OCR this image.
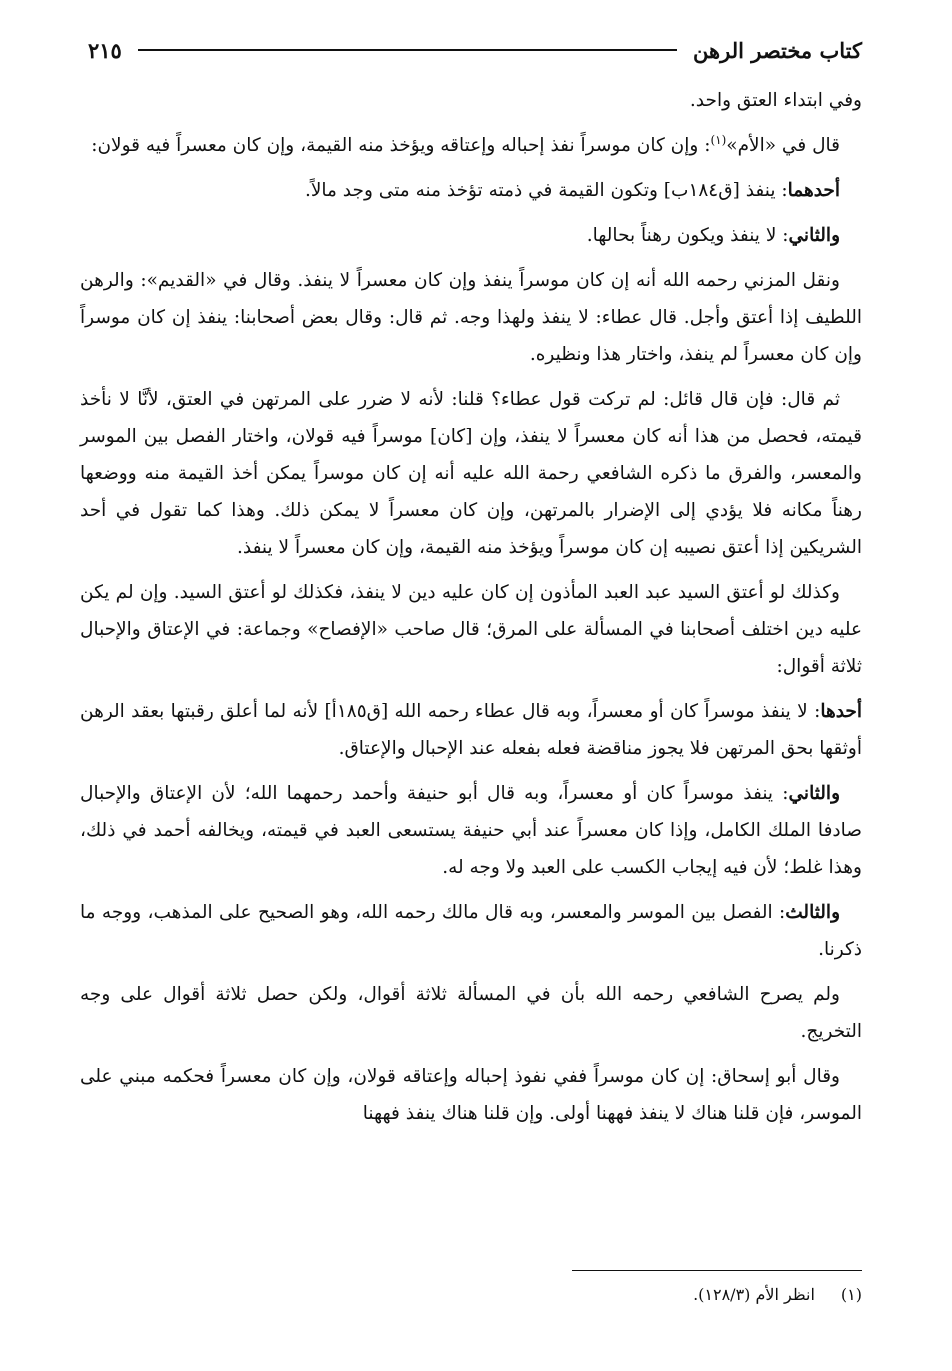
كتاب مختصر الرهن
٢١٥

وفي ابتداء العتق واحد.

قال في «الأم»$^{(١)}$: وإن كان موسراً نفذ إحباله وإعتاقه ويؤخذ منه القيمة، وإن كان معسراً فيه قولان:

أحدهما: ينفذ [ق١٨٤ب] وتكون القيمة في ذمته تؤخذ منه متى وجد مالاً.

والثاني: لا ينفذ ويكون رهناً بحالها.

ونقل المزني رحمه الله أنه إن كان موسراً ينفذ وإن كان معسراً لا ينفذ. وقال في «القديم»: والرهن اللطيف إذا أعتق وأجل. قال عطاء: لا ينفذ ولهذا وجه. ثم قال: وقال بعض أصحابنا: ينفذ إن كان موسراً وإن كان معسراً لم ينفذ، واختار هذا ونظيره.

ثم قال: فإن قال قائل: لم تركت قول عطاء؟ قلنا: لأنه لا ضرر على المرتهن في العتق، لأنَّا لا نأخذ قيمته، فحصل من هذا أنه كان معسراً لا ينفذ، وإن [كان] موسراً فيه قولان، واختار الفصل بين الموسر والمعسر، والفرق ما ذكره الشافعي رحمة الله عليه أنه إن كان موسراً يمكن أخذ القيمة منه ووضعها رهناً مكانه فلا يؤدي إلى الإضرار بالمرتهن، وإن كان معسراً لا يمكن ذلك. وهذا كما تقول في أحد الشريكين إذا أعتق نصيبه إن كان موسراً ويؤخذ منه القيمة، وإن كان معسراً لا ينفذ.

وكذلك لو أعتق السيد عبد العبد المأذون إن كان عليه دين لا ينفذ، فكذلك لو أعتق السيد. وإن لم يكن عليه دين اختلف أصحابنا في المسألة على المرق؛ قال صاحب «الإفصاح» وجماعة: في الإعتاق والإحبال ثلاثة أقوال:

أحدها: لا ينفذ موسراً كان أو معسراً، وبه قال عطاء رحمه الله [ق١٨٥أ] لأنه لما أعلق رقبتها بعقد الرهن أوثقها بحق المرتهن فلا يجوز مناقضة فعله بفعله عند الإحبال والإعتاق.

والثاني: ينفذ موسراً كان أو معسراً، وبه قال أبو حنيفة وأحمد رحمهما الله؛ لأن الإعتاق والإحبال صادفا الملك الكامل، وإذا كان معسراً عند أبي حنيفة يستسعى العبد في قيمته، ويخالفه أحمد في ذلك، وهذا غلط؛ لأن فيه إيجاب الكسب على العبد ولا وجه له.

والثالث: الفصل بين الموسر والمعسر، وبه قال مالك رحمه الله، وهو الصحيح على المذهب، ووجه ما ذكرنا.

ولم يصرح الشافعي رحمه الله بأن في المسألة ثلاثة أقوال، ولكن حصل ثلاثة أقوال على وجه التخريج.

وقال أبو إسحاق: إن كان موسراً ففي نفوذ إحباله وإعتاقه قولان، وإن كان معسراً فحكمه مبني على الموسر، فإن قلنا هناك لا ينفذ فههنا أولى. وإن قلنا هناك ينفذ فههنا

(١)انظر الأم (١٢٨/٣).
